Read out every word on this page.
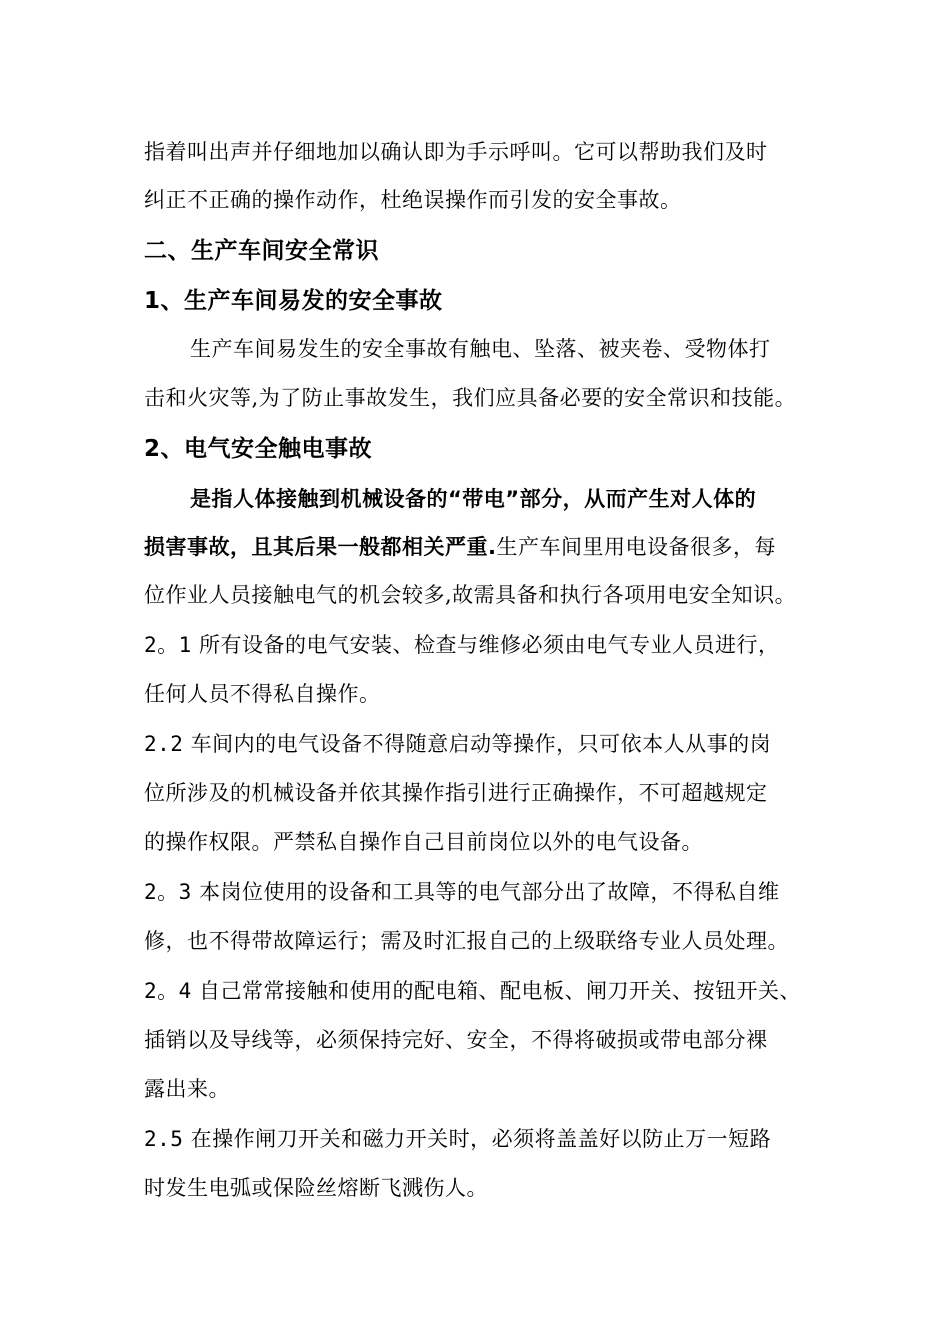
指着叫出声并仔细地加以确认即为手示呼叫。它可以帮助我们及时
纠正不正确的操作动作，杜绝误操作而引发的安全事故。
二、生产车间安全常识
1、生产车间易发的安全事故
生产车间易发生的安全事故有触电、坠落、被夹卷、受物体打
击和火灾等,为了防止事故发生，我们应具备必要的安全常识和技能。
2、电气安全触电事故
是指人体接触到机械设备的“带电”部分，从而产生对人体的
损害事故，且其后果一般都相关严重.生产车间里用电设备很多，每
位作业人员接触电气的机会较多,故需具备和执行各项用电安全知识。
2。1 所有设备的电气安装、检查与维修必须由电气专业人员进行，
任何人员不得私自操作。
2.2 车间内的电气设备不得随意启动等操作，只可依本人从事的岗
位所涉及的机械设备并依其操作指引进行正确操作，不可超越规定
的操作权限。严禁私自操作自己目前岗位以外的电气设备。
2。3 本岗位使用的设备和工具等的电气部分出了故障，不得私自维
修，也不得带故障运行；需及时汇报自己的上级联络专业人员处理。
2。4 自己常常接触和使用的配电箱、配电板、闸刀开关、按钮开关、
插销以及导线等，必须保持完好、安全，不得将破损或带电部分裸
露出来。
2.5 在操作闸刀开关和磁力开关时，必须将盖盖好以防止万一短路
时发生电弧或保险丝熔断飞溅伤人。
